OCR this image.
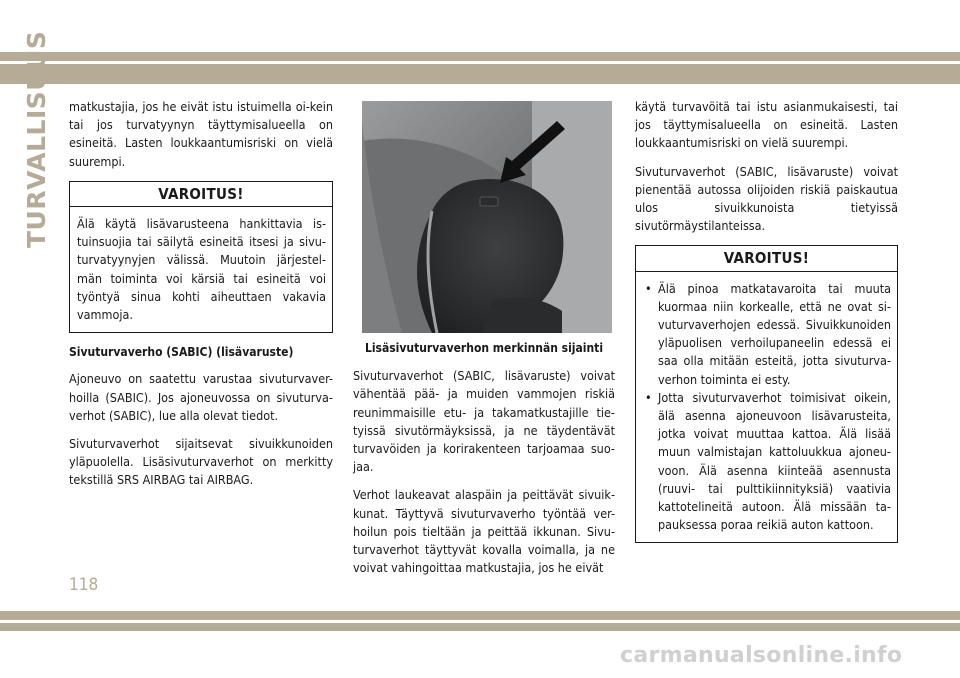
TURVALLISUUS
118
carmanualsonline.info

matkustajia, jos he eivät istu istuimella oi-kein tai jos turvatyynyn täyttymisalueella on esineitä. Lasten loukkaantumisriski on vielä suurempi.

VAROITUS!

Älä käytä lisävarusteena hankittavia is-tuinsuojia tai säilytä esineitä itsesi ja sivu-turvatyynyjen välissä. Muutoin järjestel-män toiminta voi kärsiä tai esineitä voi työntyä sinua kohti aiheuttaen vakavia vammoja.

Sivuturvaverho (SABIC) (lisävaruste)

Ajoneuvo on saatettu varustaa sivuturvaver-hoilla (SABIC). Jos ajoneuvossa on sivuturva-verhot (SABIC), lue alla olevat tiedot.

Sivuturvaverhot sijaitsevat sivuikkunoiden yläpuolella. Lisäsivuturvaverhot on merkitty tekstillä SRS AIRBAG tai AIRBAG.

Lisäsivuturvaverhon merkinnän sijainti

Sivuturvaverhot (SABIC, lisävaruste) voivat vähentää pää- ja muiden vammojen riskiä reunimmaisille etu- ja takamatkustajille tie-tyissä sivutörmäyksissä, ja ne täydentävät turvavöiden ja korirakenteen tarjoamaa suo-jaa.

Verhot laukeavat alaspäin ja peittävät sivuik-kunat. Täyttyvä sivuturvaverho työntää ver-hoilun pois tieltään ja peittää ikkunan. Sivu-turvaverhot täyttyvät kovalla voimalla, ja ne voivat vahingoittaa matkustajia, jos he eivät

käytä turvavöitä tai istu asianmukaisesti, tai jos täyttymisalueella on esineitä. Lasten loukkaantumisriski on vielä suurempi.

Sivuturvaverhot (SABIC, lisävaruste) voivat pienentää autossa olijoiden riskiä paiskautua ulos sivuikkunoista tietyissä sivutörmäystilanteissa.

VAROITUS!
• Älä pinoa matkatavaroita tai muuta kuormaa niin korkealle, että ne ovat si-vuturvaverhojen edessä. Sivuikkunoiden yläpuolisen verhoilupaneelin edessä ei saa olla mitään esteitä, jotta sivuturva-verhon toiminta ei esty.
• Jotta sivuturvaverhot toimisivat oikein, älä asenna ajoneuvoon lisävarusteita, jotka voivat muuttaa kattoa. Älä lisää muun valmistajan kattoluukkua ajoneu-voon. Älä asenna kiinteää asennusta (ruuvi- tai pulttikiinnityksiä) vaativia kattotelineitä autoon. Älä missään ta-pauksessa poraa reikiä auton kattoon.
